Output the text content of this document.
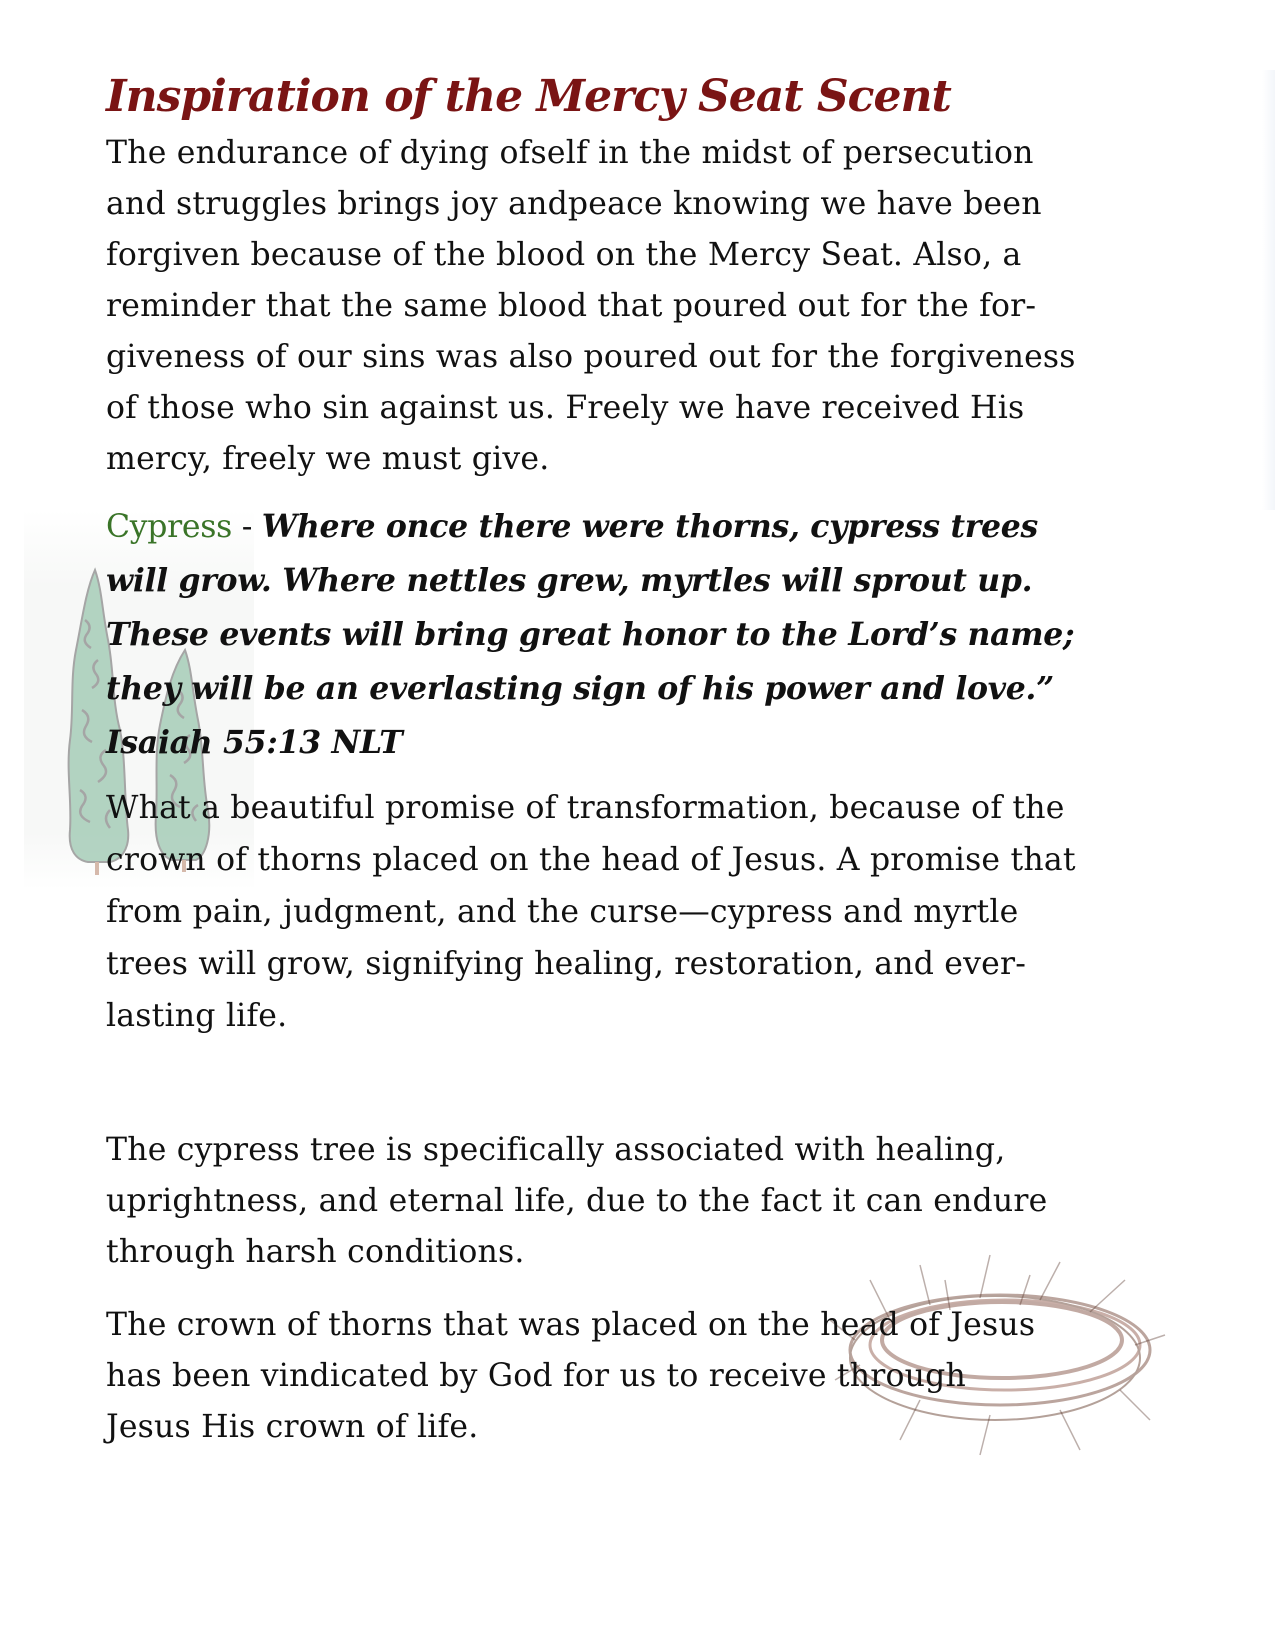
Inspiration of the Mercy Seat Scent

The endurance of dying ofself in the midst of persecution
and struggles brings joy andpeace knowing we have been
forgiven because of the blood on the Mercy Seat. Also, a
reminder that the same blood that poured out for the for-
giveness of our sins was also poured out for the forgiveness
of those who sin against us. Freely we have received His
mercy, freely we must give.

Cypress - Where once there were thorns, cypress trees
will grow. Where nettles grew, myrtles will sprout up.
These events will bring great honor to the Lord’s name;
they will be an everlasting sign of his power and love.”
Isaiah 55:13 NLT

What a beautiful promise of transformation, because of the
crown of thorns placed on the head of Jesus. A promise that
from pain, judgment, and the curse—cypress and myrtle
trees will grow, signifying healing, restoration, and ever-
lasting life.

The cypress tree is specifically associated with healing,
uprightness, and eternal life, due to the fact it can endure
through harsh conditions.

The crown of thorns that was placed on the head of Jesus
has been vindicated by God for us to receive through
Jesus His crown of life.
